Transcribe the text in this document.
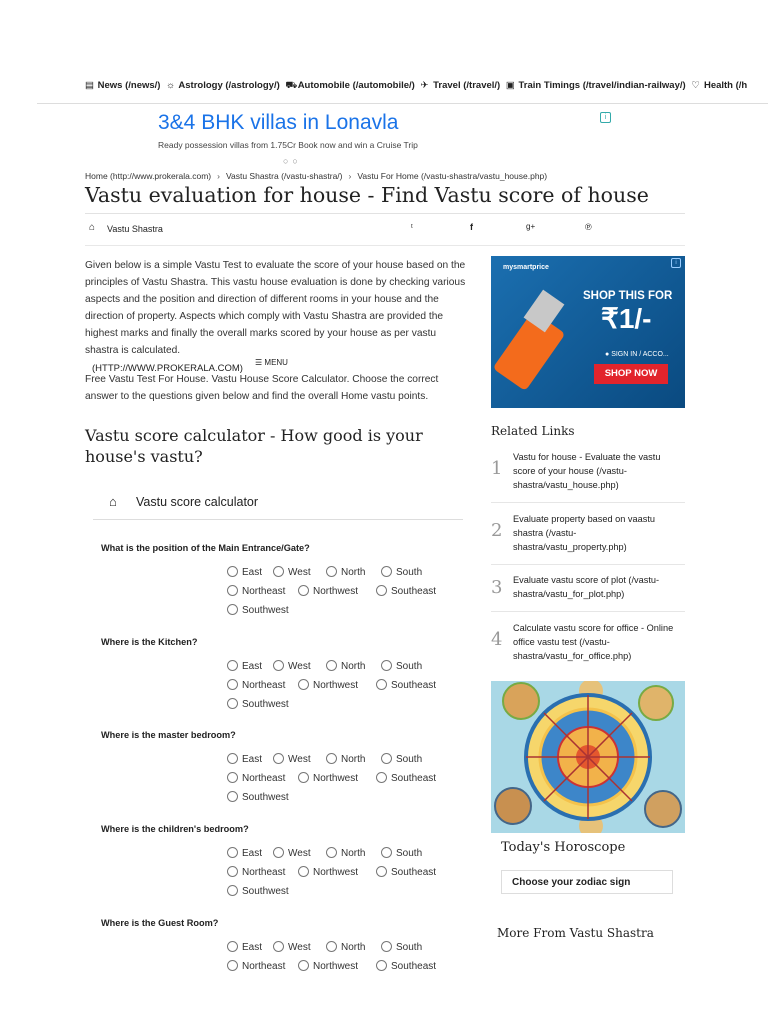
▤ News (/news/) ☼ Astrology (/astrology/) ⛟ Automobile (/automobile/) ✈ Travel (/travel/) ▣ Train Timings (/travel/indian-railway/) ♡ Health (/h
3&4 BHK villas in Lonavla
Ready possession villas from 1.75Cr Book now and win a Cruise Trip
i
○○
Home (http://www.prokerala.com) › Vastu Shastra (/vastu-shastra/) › Vastu For Home (/vastu-shastra/vastu_house.php)
Vastu evaluation for house - Find Vastu score of house
⌂ Vastu Shastra	ᵗ	f	g+	℗
Given below is a simple Vastu Test to evaluate the score of your house based on the principles of Vastu Shastra. This vastu house evaluation is done by checking various aspects and the position and direction of different rooms in your house and the direction of property. Aspects which comply with Vastu Shastra are provided the highest marks and finally the overall marks scored by your house as per vastu shastra is calculated.
(HTTP://WWW.PROKERALA.COM)
☰ MENU
Free Vastu Test For House. Vastu House Score Calculator. Choose the correct answer to the questions given below and find the overall Home vastu points.
Vastu score calculator - How good is your house's vastu?
⌂ Vastu score calculator
What is the position of the Main Entrance/Gate?
East	West	North	South
Northeast	Northwest	Southeast
Southwest
Where is the Kitchen?
East	West	North	South
Northeast	Northwest	Southeast
Southwest
Where is the master bedroom?
East	West	North	South
Northeast	Northwest	Southeast
Southwest
Where is the children's bedroom?
East	West	North	South
Northeast	Northwest	Southeast
Southwest
Where is the Guest Room?
East	West	North	South
Northeast	Northwest	Southeast
mysmartprice
i
SHOP THIS FOR
₹1/-
● SIGN IN / ACCO...
SHOP NOW
Related Links
1
Vastu for house - Evaluate the vastu score of your house (/vastu-shastra/vastu_house.php)
2
Evaluate property based on vaastu shastra (/vastu-shastra/vastu_property.php)
3 Evaluate vastu score of plot (/vastu-shastra/vastu_for_plot.php)
4
Calculate vastu score for office - Online office vastu test (/vastu-shastra/vastu_for_office.php)
Today's Horoscope
Choose your zodiac sign
More From Vastu Shastra
